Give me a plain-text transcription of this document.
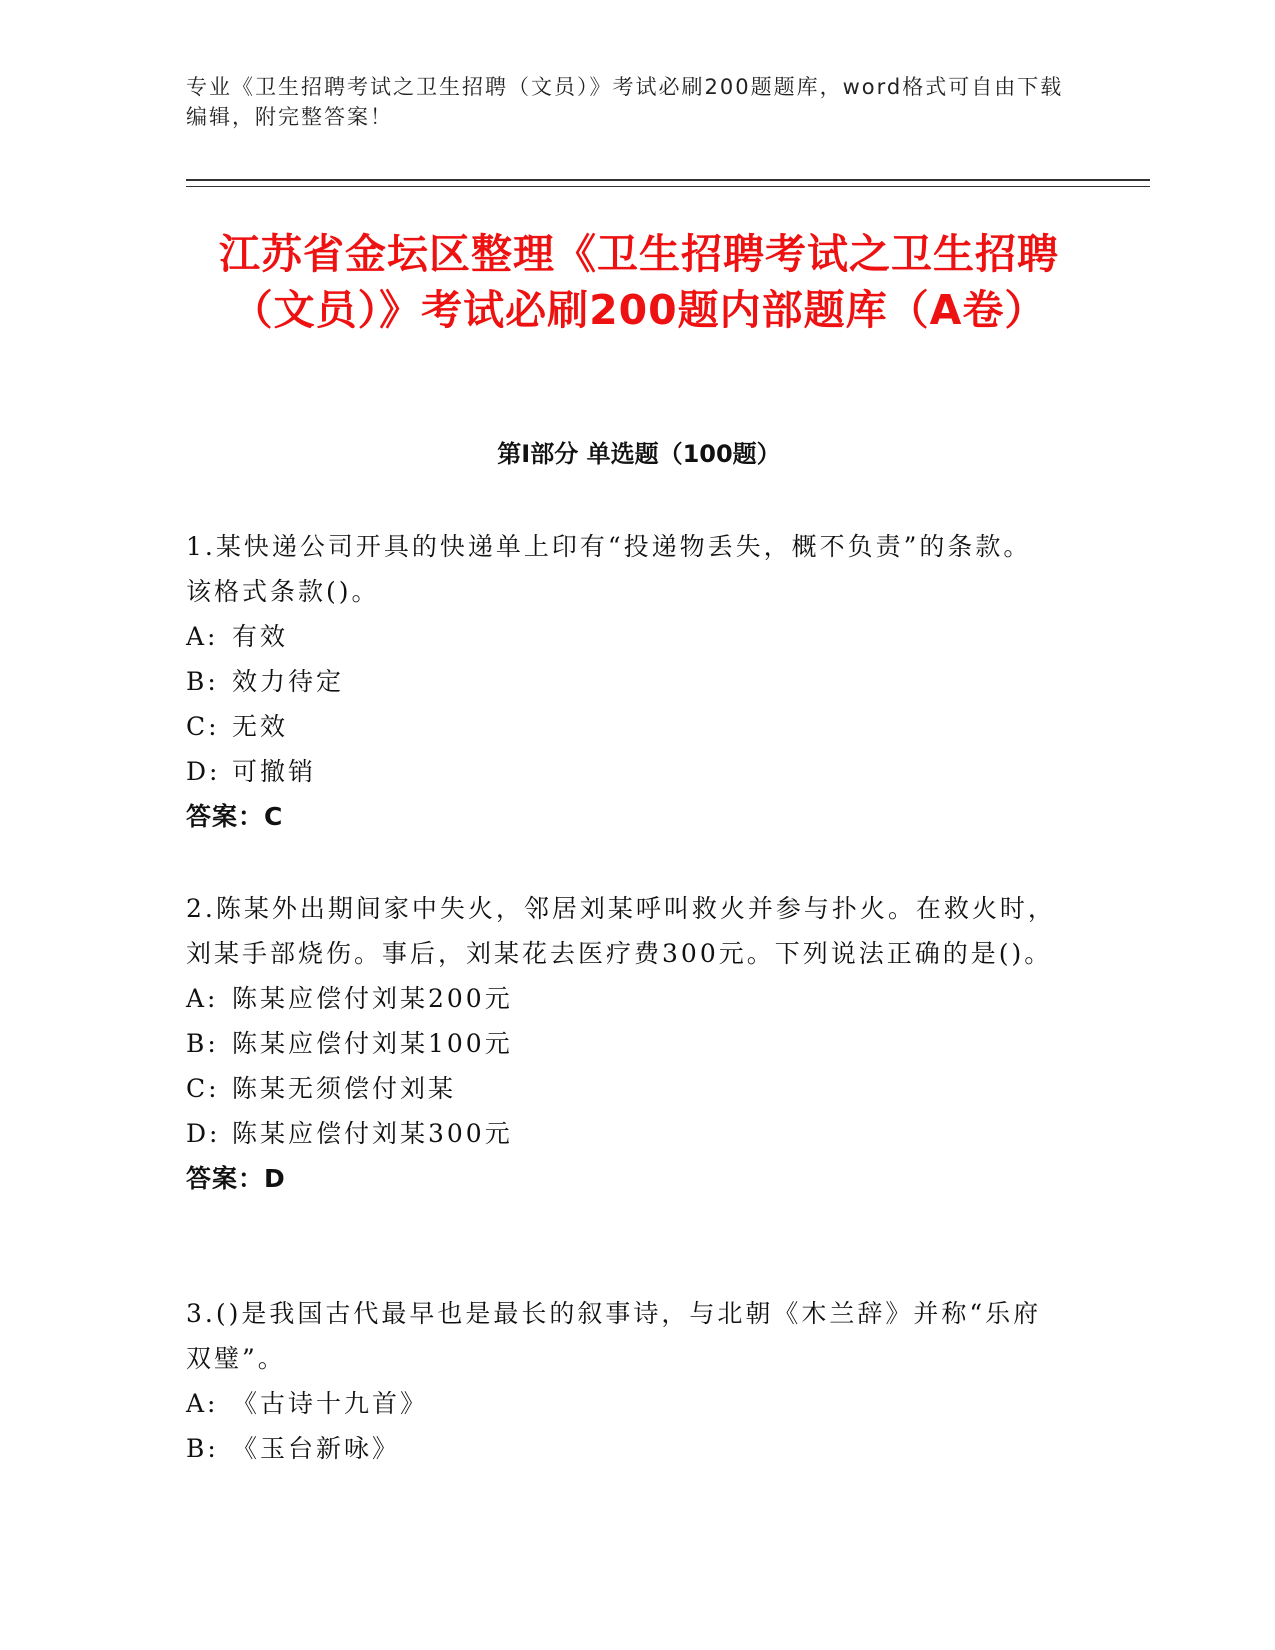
专业《卫生招聘考试之卫生招聘（文员）》考试必刷200题题库，word格式可自由下载编辑，附完整答案！
江苏省金坛区整理《卫生招聘考试之卫生招聘（文员）》考试必刷200题内部题库（A卷）
第I部分 单选题（100题）

1.某快递公司开具的快递单上印有“投递物丢失，概不负责”的条款。该格式条款()。

A: 有效

B: 效力待定

C: 无效

D: 可撤销

答案：C

2.陈某外出期间家中失火，邻居刘某呼叫救火并参与扑火。在救火时，刘某手部烧伤。事后，刘某花去医疗费300元。下列说法正确的是()。

A: 陈某应偿付刘某200元

B: 陈某应偿付刘某100元

C: 陈某无须偿付刘某

D: 陈某应偿付刘某300元

答案：D

3.()是我国古代最早也是最长的叙事诗，与北朝《木兰辞》并称“乐府双璧”。

A: 《古诗十九首》

B: 《玉台新咏》
